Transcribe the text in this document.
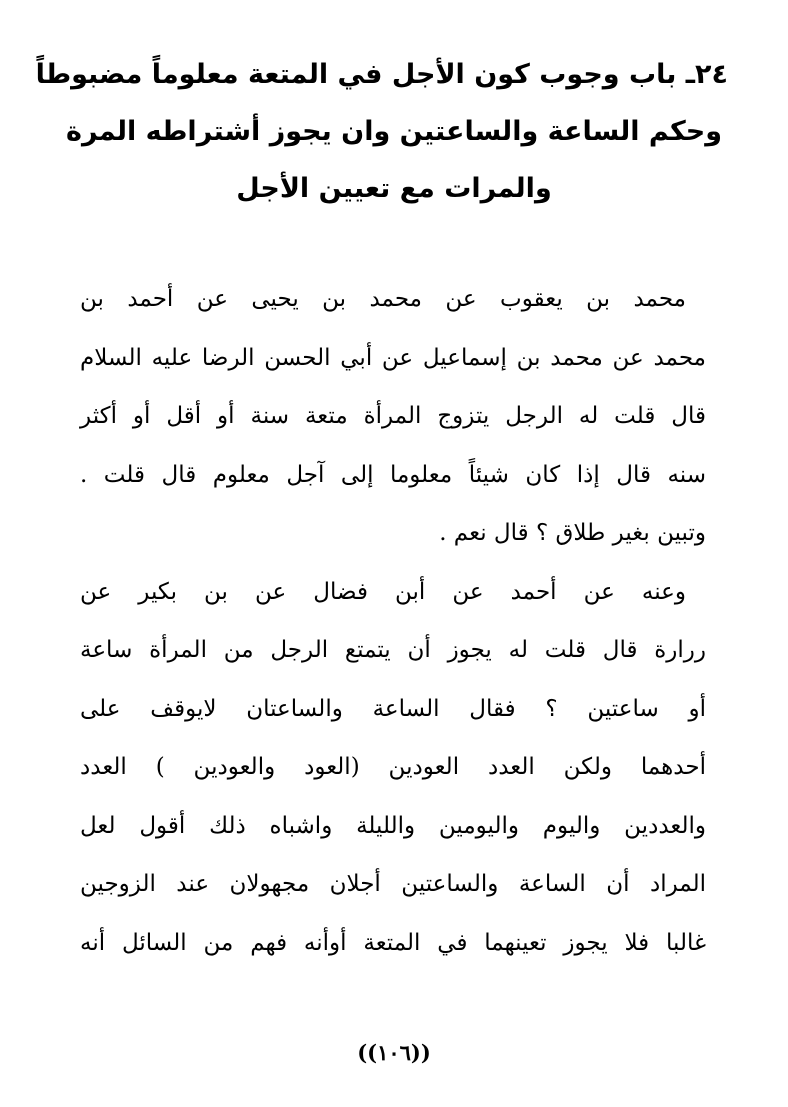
٢٤ـ باب وجوب كون الأجل في المتعة معلوماً مضبوطاً
وحكم الساعة والساعتين وان يجوز أشتراطه المرة
والمرات مع تعيين الأجل
محمد بن يعقوب عن محمد بن يحيى عن أحمد بن
محمد عن محمد بن إسماعيل عن أبي الحسن الرضا عليه السلام
قال قلت له الرجل يتزوج المرأة متعة سنة أو أقل أو أكثر
سنه قال إذا كان شيئاً معلوما إلى آجل معلوم قال قلت .
وتبين بغير طلاق ؟ قال نعم .
وعنه عن أحمد عن أبن فضال عن بن بكير عن
ررارة قال قلت له يجوز أن يتمتع الرجل من المرأة ساعة
أو ساعتين ؟ فقال الساعة والساعتان لايوقف على
أحدهما ولكن العدد العودين (العود والعودين ) العدد
والعددين واليوم واليومين والليلة واشباه ذلك أقول لعل
المراد أن الساعة والساعتين أجلان مجهولان عند الزوجين
غالبا فلا يجوز تعينهما في المتعة أوأنه فهم من السائل أنه
((١٠٦))
